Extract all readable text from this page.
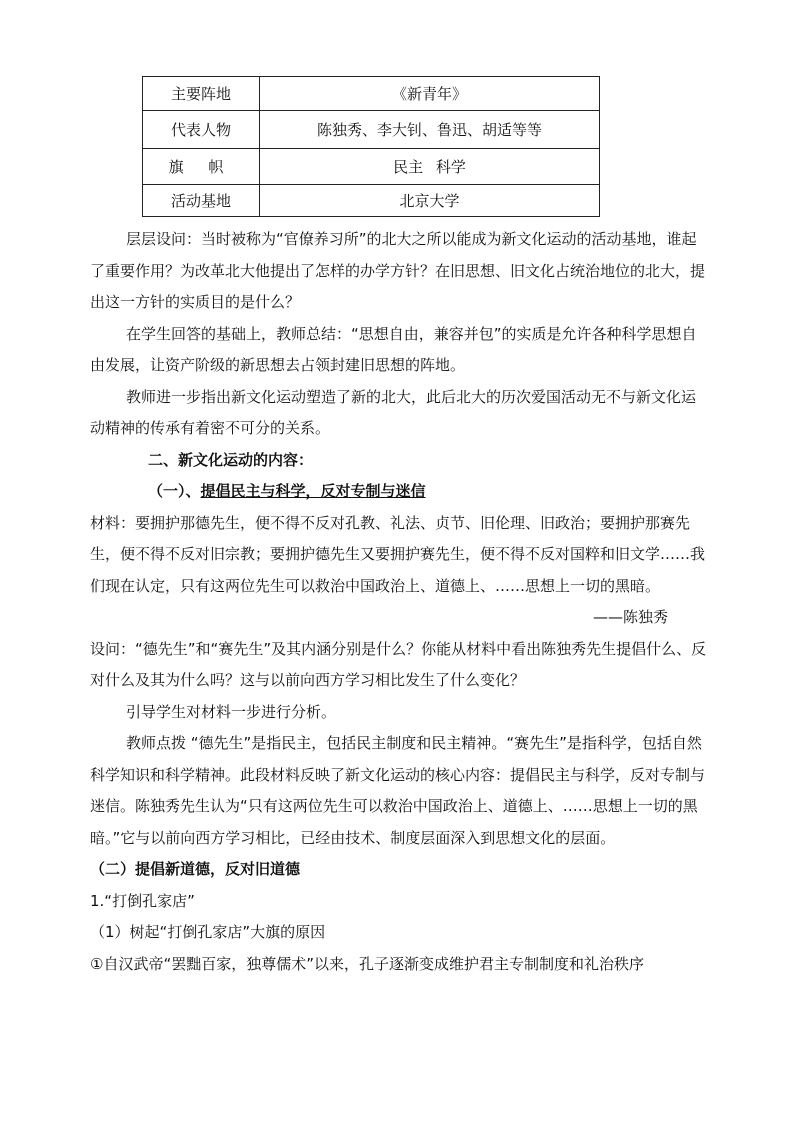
主要阵地	《新青年》
代表人物	陈独秀、李大钊、鲁迅、胡适等等
旗 帜	民主 科学
活动基地	北京大学

层层设问：当时被称为“官僚养习所”的北大之所以能成为新文化运动的活动基地，谁起了重要作用？为改革北大他提出了怎样的办学方针？在旧思想、旧文化占统治地位的北大，提出这一方针的实质目的是什么？

在学生回答的基础上，教师总结：“思想自由，兼容并包”的实质是允许各种科学思想自由发展，让资产阶级的新思想去占领封建旧思想的阵地。

教师进一步指出新文化运动塑造了新的北大，此后北大的历次爱国活动无不与新文化运动精神的传承有着密不可分的关系。

二、新文化运动的内容：

（一）、提倡民主与科学，反对专制与迷信

材料：要拥护那德先生，便不得不反对孔教、礼法、贞节、旧伦理、旧政治；要拥护那赛先生，便不得不反对旧宗教；要拥护德先生又要拥护赛先生，便不得不反对国粹和旧文学……我们现在认定，只有这两位先生可以救治中国政治上、道德上、……思想上一切的黑暗。

——陈独秀

设问：“德先生”和“赛先生”及其内涵分别是什么？你能从材料中看出陈独秀先生提倡什么、反对什么及其为什么吗？这与以前向西方学习相比发生了什么变化？

引导学生对材料一步进行分析。

教师点拨 “德先生”是指民主，包括民主制度和民主精神。“赛先生”是指科学，包括自然科学知识和科学精神。此段材料反映了新文化运动的核心内容：提倡民主与科学，反对专制与迷信。陈独秀先生认为“只有这两位先生可以救治中国政治上、道德上、……思想上一切的黑暗。”它与以前向西方学习相比，已经由技术、制度层面深入到思想文化的层面。

（二）提倡新道德，反对旧道德

1.“打倒孔家店”

（1）树起“打倒孔家店”大旗的原因

①自汉武帝“罢黜百家，独尊儒术”以来，孔子逐渐变成维护君主专制制度和礼治秩序
